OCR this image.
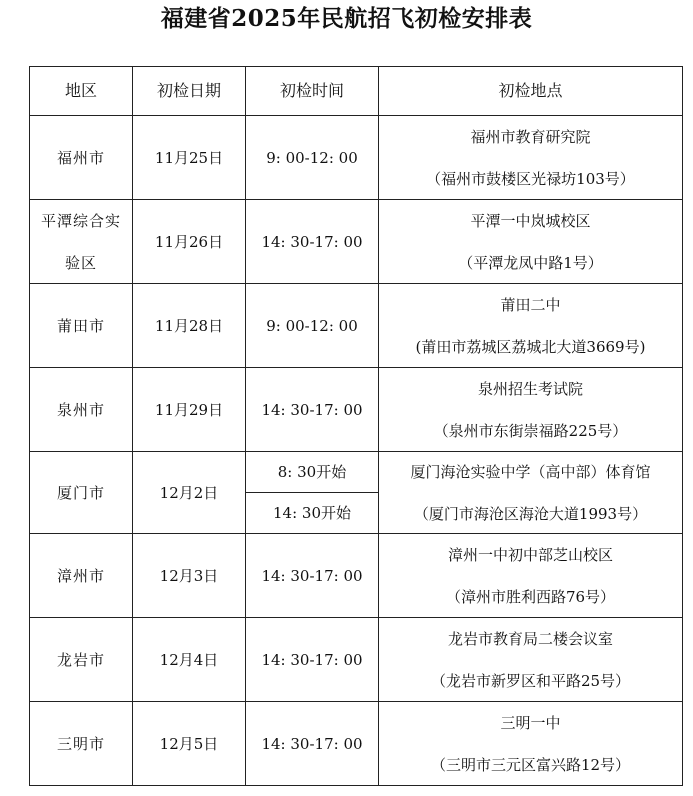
福建省2025年民航招飞初检安排表
地区	初检日期	初检时间	初检地点

福州市	11月25日	9: 00-12: 00	福州市教育研究院
（福州市鼓楼区光禄坊103号）

平潭综合实
验区	11月26日	14: 30-17: 00	平潭一中岚城校区
（平潭龙凤中路1号）

莆田市	11月28日	9: 00-12: 00	莆田二中
(莆田市荔城区荔城北大道3669号)

泉州市	11月29日	14: 30-17: 00	泉州招生考试院
（泉州市东街崇福路225号）

厦门市	12月2日	8: 30开始	厦门海沧实验中学（高中部）体育馆
（厦门市海沧区海沧大道1993号）

		14: 30开始	

漳州市	12月3日	14: 30-17: 00	漳州一中初中部芝山校区
（漳州市胜利西路76号）

龙岩市	12月4日	14: 30-17: 00	龙岩市教育局二楼会议室
（龙岩市新罗区和平路25号）

三明市	12月5日	14: 30-17: 00	三明一中
（三明市三元区富兴路12号）
